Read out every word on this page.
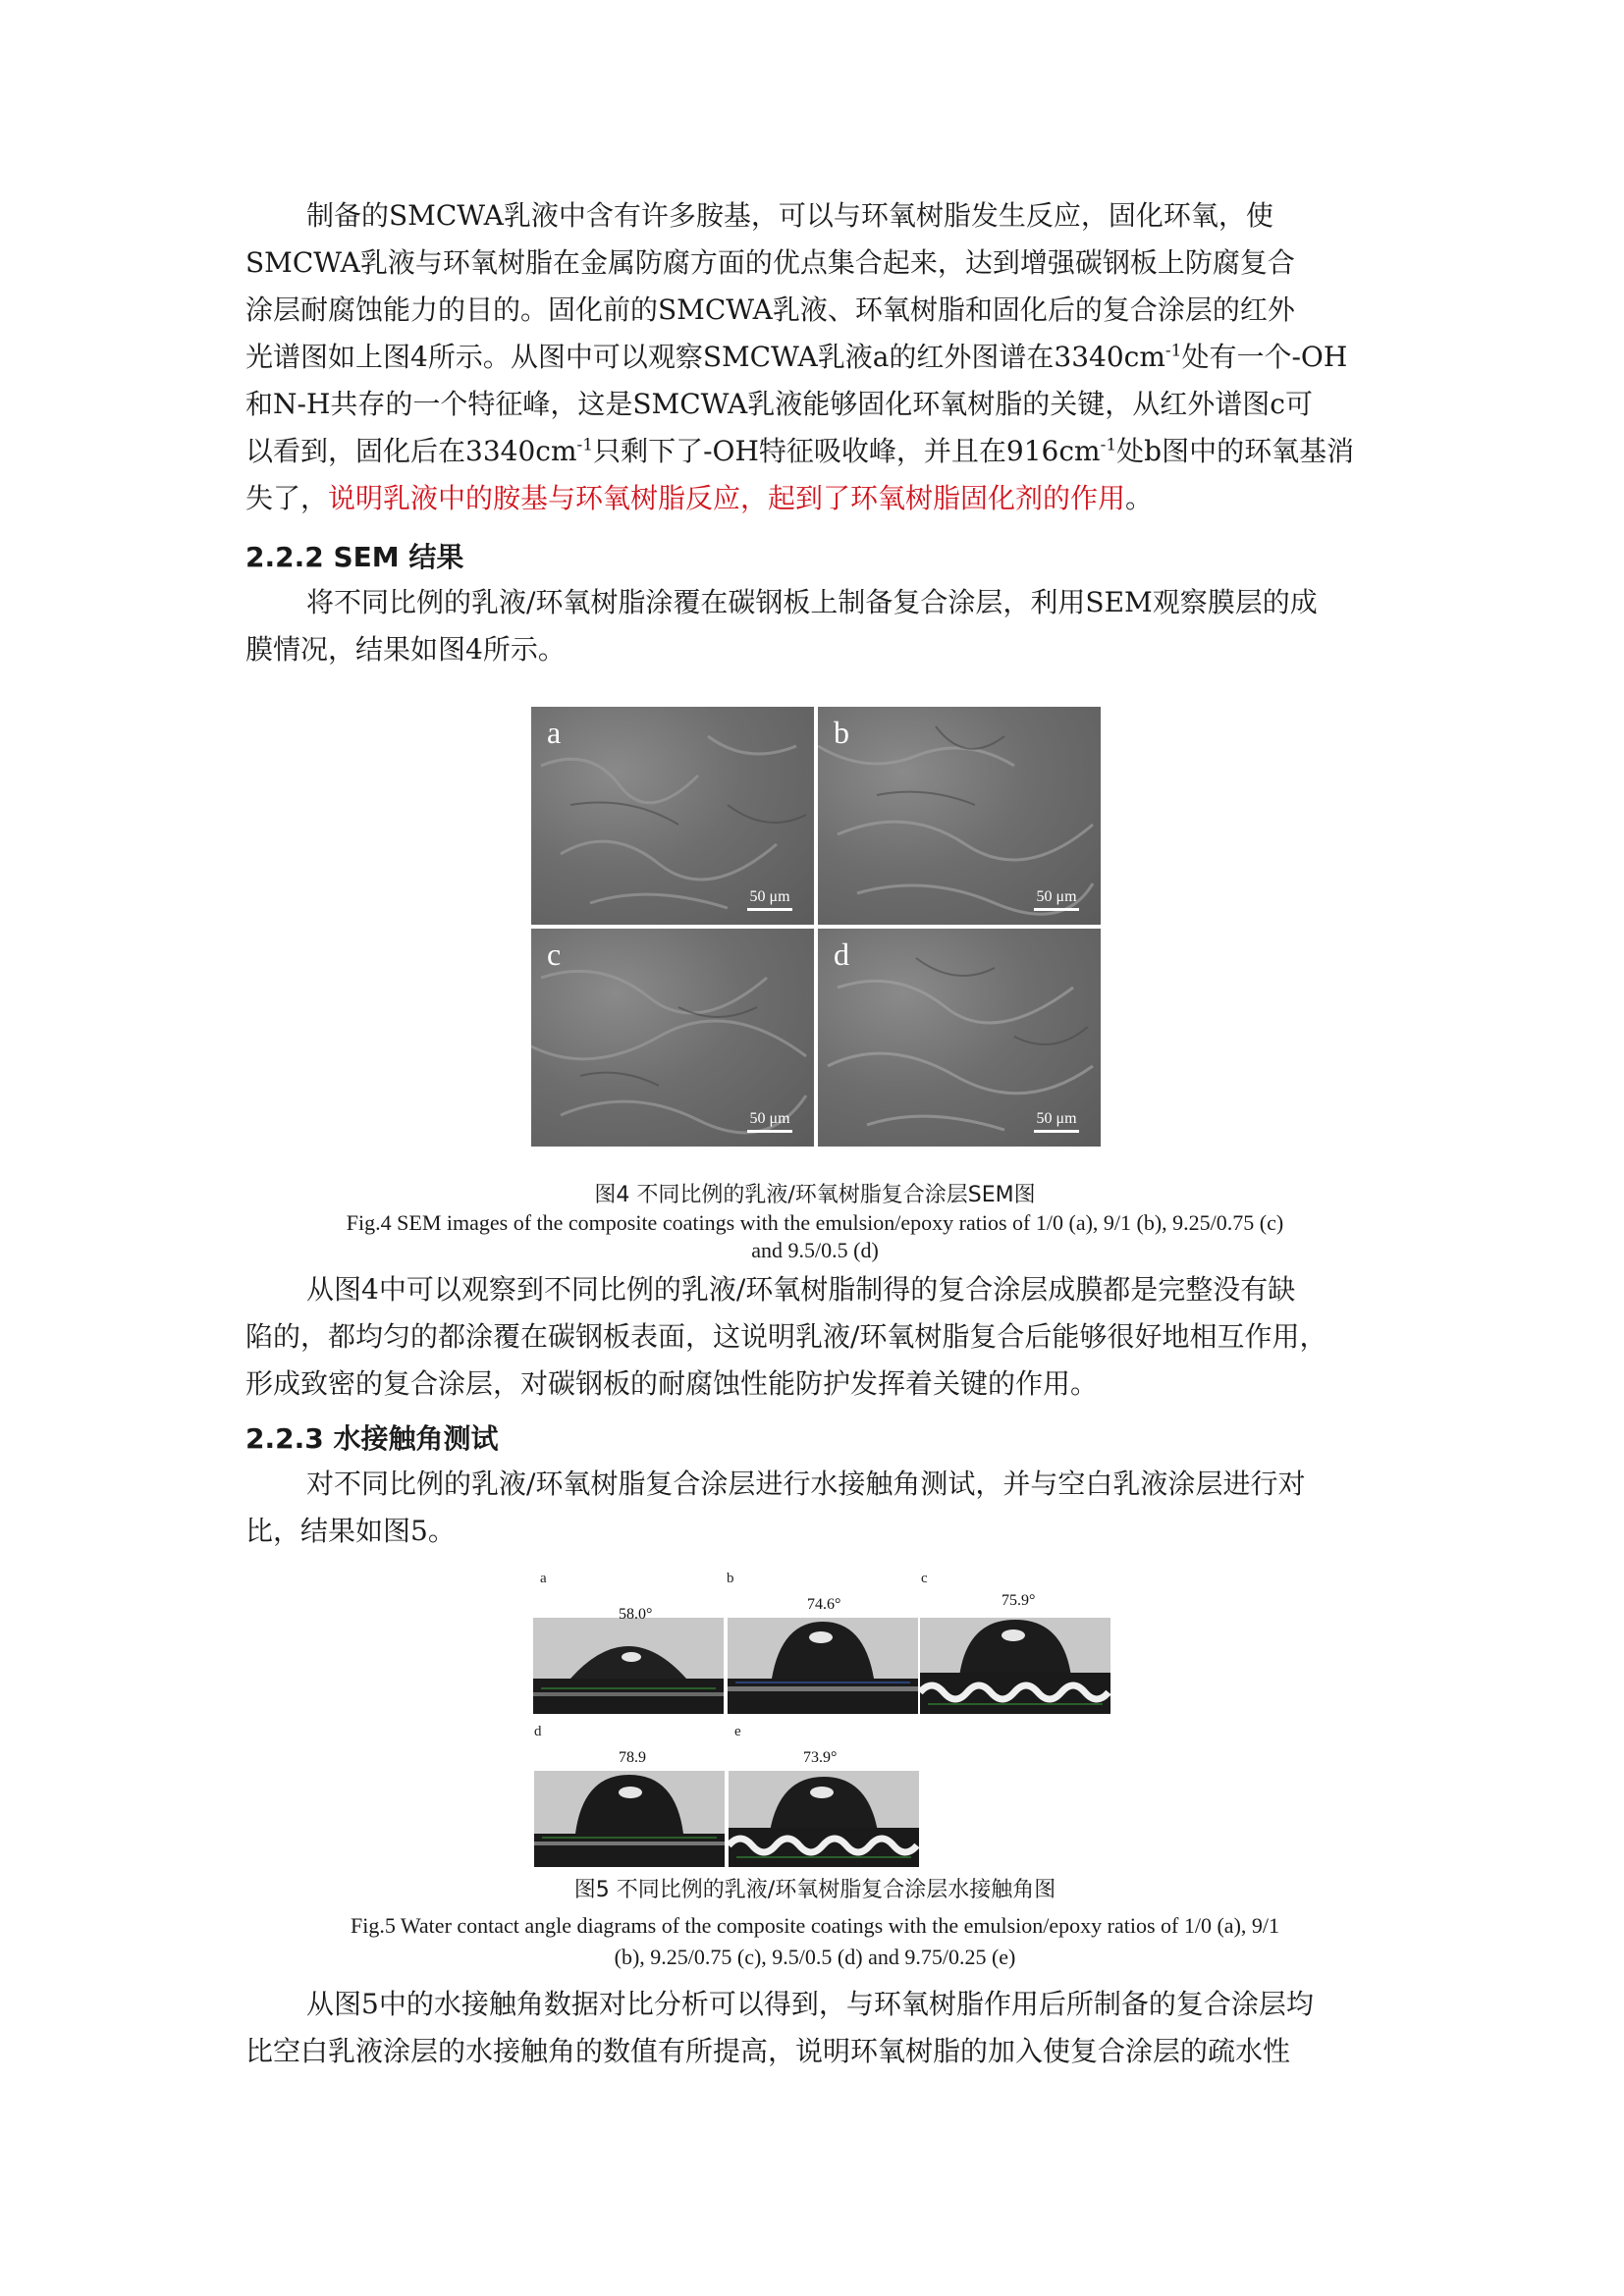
制备的SMCWA乳液中含有许多胺基，可以与环氧树脂发生反应，固化环氧，使
SMCWA乳液与环氧树脂在金属防腐方面的优点集合起来，达到增强碳钢板上防腐复合
涂层耐腐蚀能力的目的。固化前的SMCWA乳液、环氧树脂和固化后的复合涂层的红外
光谱图如上图4所示。从图中可以观察SMCWA乳液a的红外图谱在$3340cm^{-1}$处有一个-OH
和N-H共存的一个特征峰，这是SMCWA乳液能够固化环氧树脂的关键，从红外谱图c可
以看到，固化后在$3340cm^{-1}$只剩下了-OH特征吸收峰，并且在$916cm^{-1}$处b图中的环氧基消
失了，说明乳液中的胺基与环氧树脂反应，起到了环氧树脂固化剂的作用。
2.2.2 SEM 结果
将不同比例的乳液/环氧树脂涂覆在碳钢板上制备复合涂层，利用SEM观察膜层的成
膜情况，结果如图4所示。
a
50 μm
b
50 μm
c
50 μm
d
50 μm
图4 不同比例的乳液/环氧树脂复合涂层SEM图
Fig.4 SEM images of the composite coatings with the emulsion/epoxy ratios of 1/0 (a), 9/1 (b), 9.25/0.75 (c)
and 9.5/0.5 (d)
从图4中可以观察到不同比例的乳液/环氧树脂制得的复合涂层成膜都是完整没有缺
陷的，都均匀的都涂覆在碳钢板表面，这说明乳液/环氧树脂复合后能够很好地相互作用，
形成致密的复合涂层，对碳钢板的耐腐蚀性能防护发挥着关键的作用。
2.2.3 水接触角测试
对不同比例的乳液/环氧树脂复合涂层进行水接触角测试，并与空白乳液涂层进行对
比，结果如图5。
a	b	c
58.0°
74.6°	75.9°
d	e
78.9	73.9°
图5 不同比例的乳液/环氧树脂复合涂层水接触角图
Fig.5 Water contact angle diagrams of the composite coatings with the emulsion/epoxy ratios of 1/0 (a), 9/1
(b), 9.25/0.75 (c), 9.5/0.5 (d) and 9.75/0.25 (e)
从图5中的水接触角数据对比分析可以得到，与环氧树脂作用后所制备的复合涂层均
比空白乳液涂层的水接触角的数值有所提高，说明环氧树脂的加入使复合涂层的疏水性
